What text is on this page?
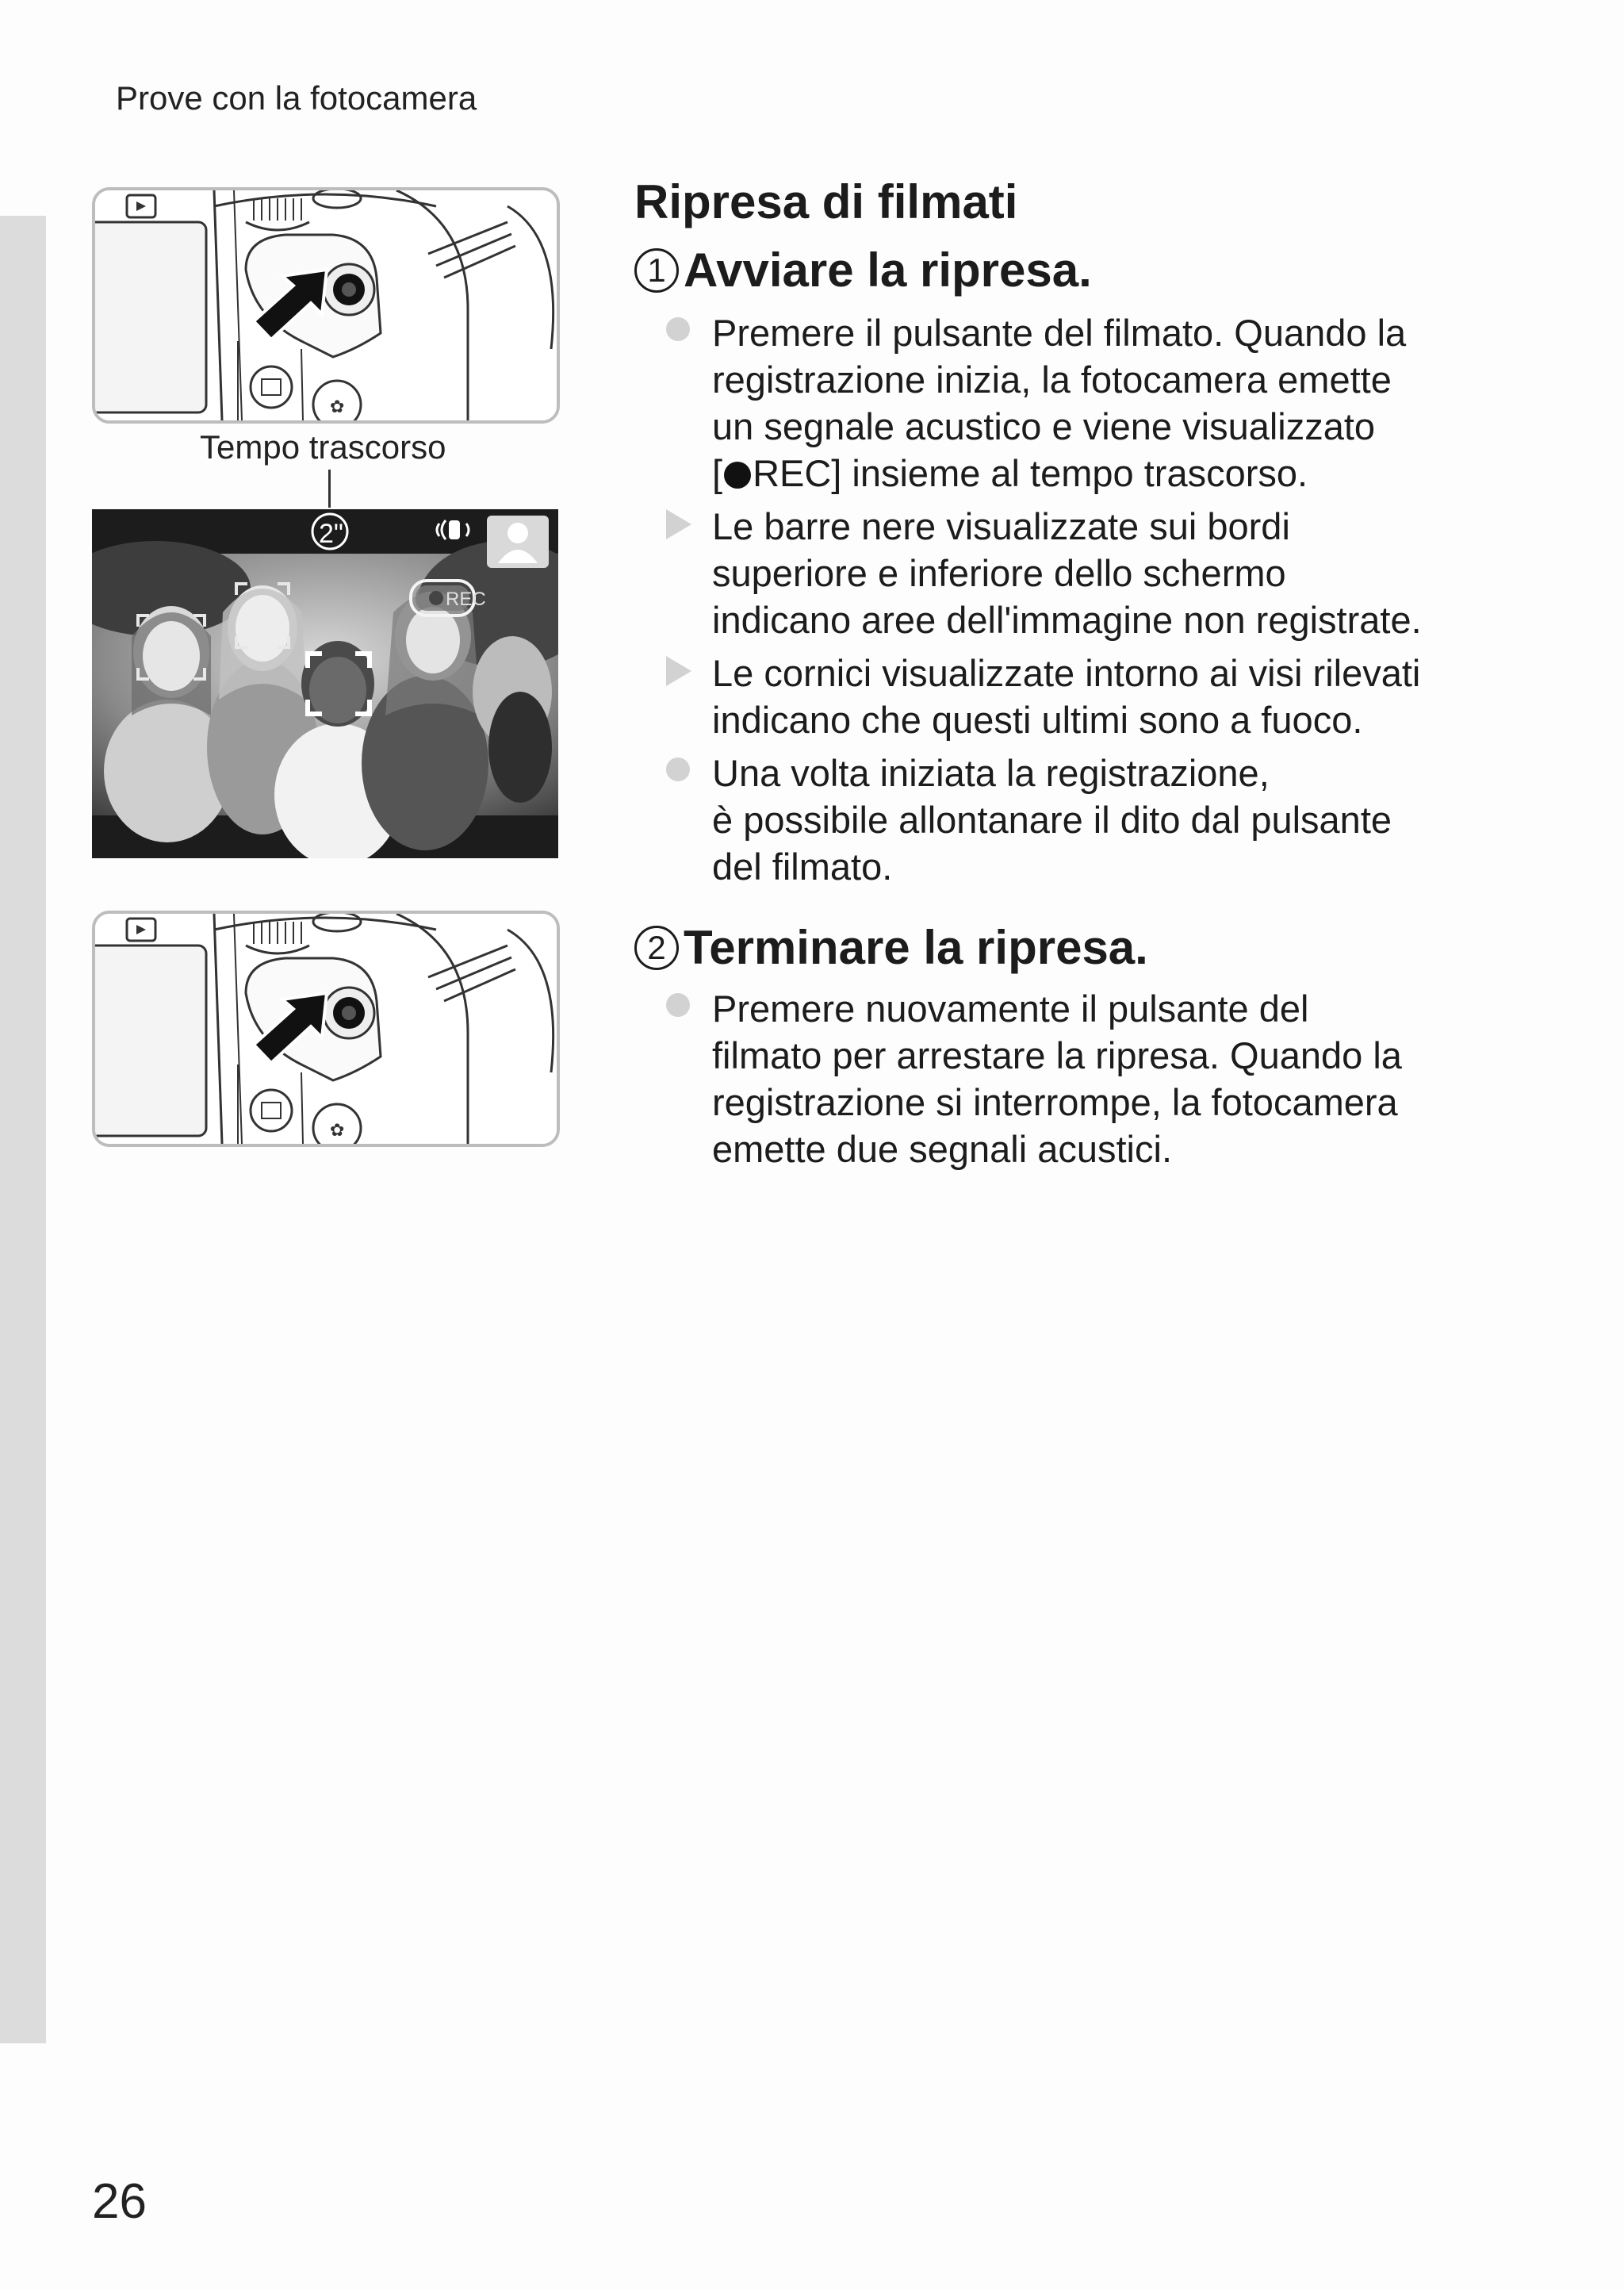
Prove con la fotocamera
✿
Tempo trascorso
REC
2"
✿
Ripresa di filmati
1 Avviare la ripresa.
Premere il pulsante del filmato. Quando la
registrazione inizia, la fotocamera emette
un segnale acustico e viene visualizzato
[ REC] insieme al tempo trascorso.
Le barre nere visualizzate sui bordi
superiore e inferiore dello schermo
indicano aree dell'immagine non registrate.
Le cornici visualizzate intorno ai visi rilevati
indicano che questi ultimi sono a fuoco.
Una volta iniziata la registrazione,
è possibile allontanare il dito dal pulsante
del filmato.
2 Terminare la ripresa.
Premere nuovamente il pulsante del
filmato per arrestare la ripresa. Quando la
registrazione si interrompe, la fotocamera
emette due segnali acustici.
26
